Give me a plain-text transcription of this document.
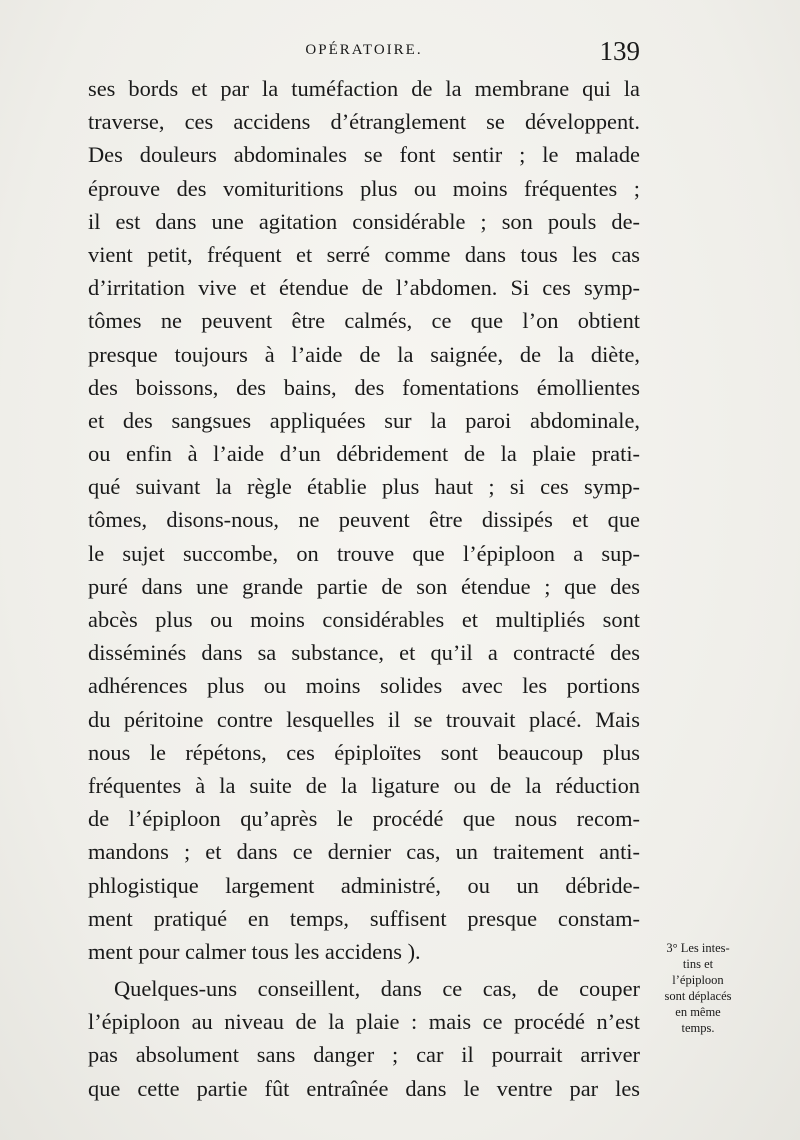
OPÉRATOIRE.	139

ses bords et par la tuméfaction de la membrane qui la
traverse, ces accidens d’étranglement se développent.
Des douleurs abdominales se font sentir ; le malade
éprouve des vomituritions plus ou moins fréquentes ;
il est dans une agitation considérable ; son pouls de-
vient petit, fréquent et serré comme dans tous les cas
d’irritation vive et étendue de l’abdomen. Si ces symp-
tômes ne peuvent être calmés, ce que l’on obtient
presque toujours à l’aide de la saignée, de la diète,
des boissons, des bains, des fomentations émollientes
et des sangsues appliquées sur la paroi abdominale,
ou enfin à l’aide d’un débridement de la plaie prati-
qué suivant la règle établie plus haut ; si ces symp-
tômes, disons-nous, ne peuvent être dissipés et que
le sujet succombe, on trouve que l’épiploon a sup-
puré dans une grande partie de son étendue ; que des
abcès plus ou moins considérables et multipliés sont
disséminés dans sa substance, et qu’il a contracté des
adhérences plus ou moins solides avec les portions
du péritoine contre lesquelles il se trouvait placé. Mais
nous le répétons, ces épiploïtes sont beaucoup plus
fréquentes à la suite de la ligature ou de la réduction
de l’épiploon qu’après le procédé que nous recom-
mandons ; et dans ce dernier cas, un traitement anti-
phlogistique largement administré, ou un débride-
ment pratiqué en temps, suffisent presque constam-
ment pour calmer tous les accidens ).

Quelques-uns conseillent, dans ce cas, de couper
l’épiploon au niveau de la plaie : mais ce procédé n’est
pas absolument sans danger ; car il pourrait arriver
que cette partie fût entraînée dans le ventre par les

3° Les intes-
tins et
l’épiploon
sont déplacés
en même
temps.
